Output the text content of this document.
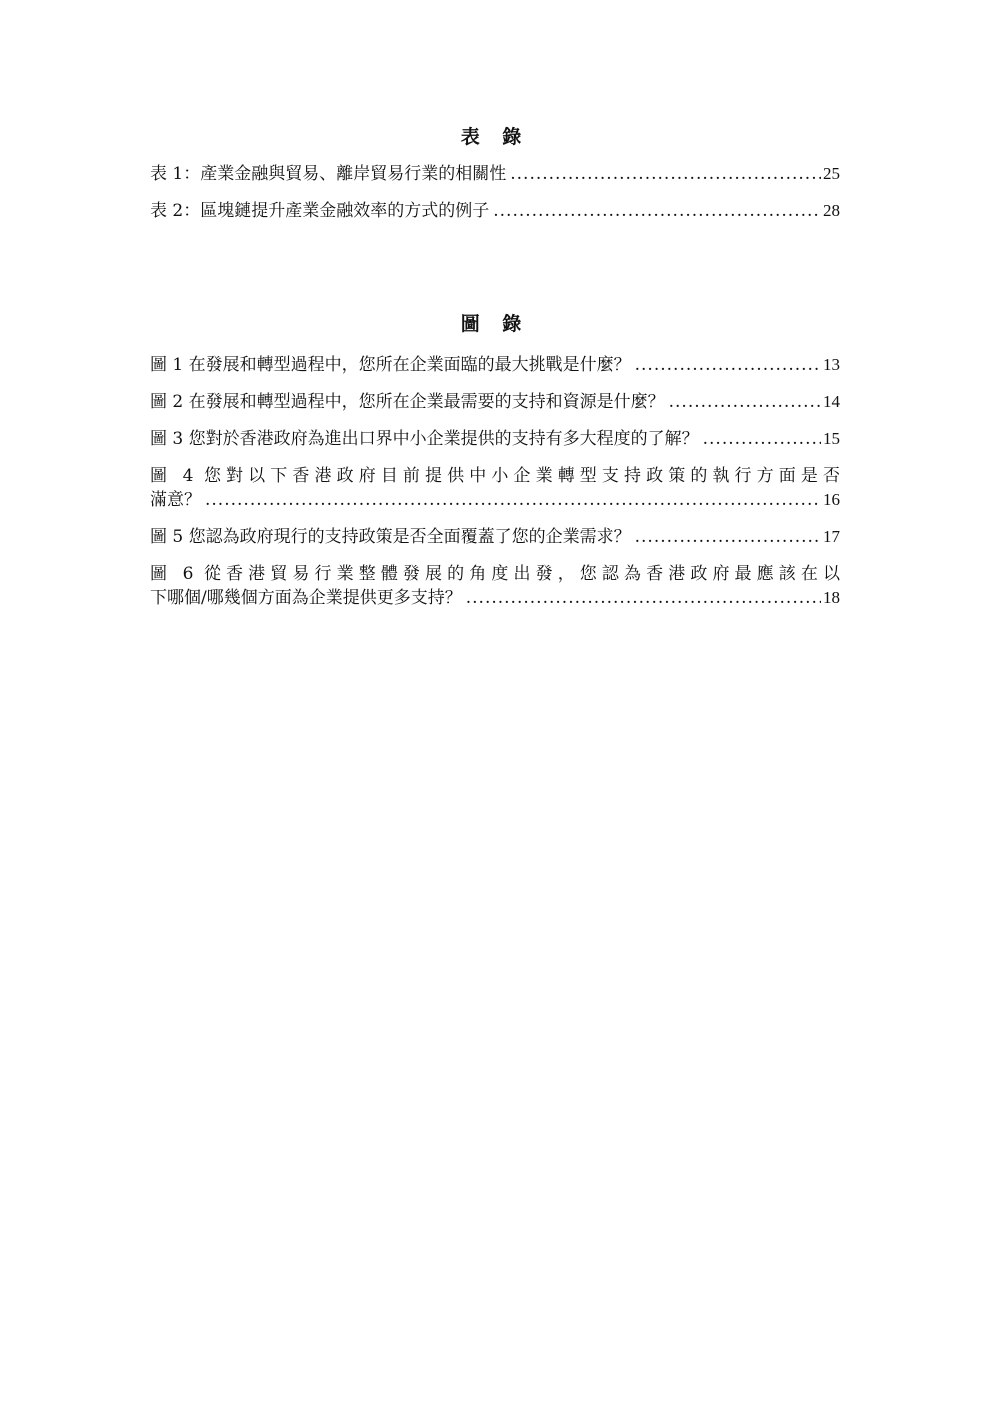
表 錄
表 1：產業金融與貿易、離岸貿易行業的相關性 .....	25
表 2：區塊鏈提升產業金融效率的方式的例子 .....	28
圖 錄
圖 1 在發展和轉型過程中，您所在企業面臨的最大挑戰是什麼？ .....	13
圖 2 在發展和轉型過程中，您所在企業最需要的支持和資源是什麼？ .....	14
圖 3 您對於香港政府為進出口界中小企業提供的支持有多大程度的了解？ .....	15
圖 4 您對以下香港政府目前提供中小企業轉型支持政策的執行方面是否
滿意？ .....	16
圖 5 您認為政府現行的支持政策是否全面覆蓋了您的企業需求？ .....	17
圖 6 從香港貿易行業整體發展的角度出發，您認為香港政府最應該在以
下哪個/哪幾個方面為企業提供更多支持？ .....	18
